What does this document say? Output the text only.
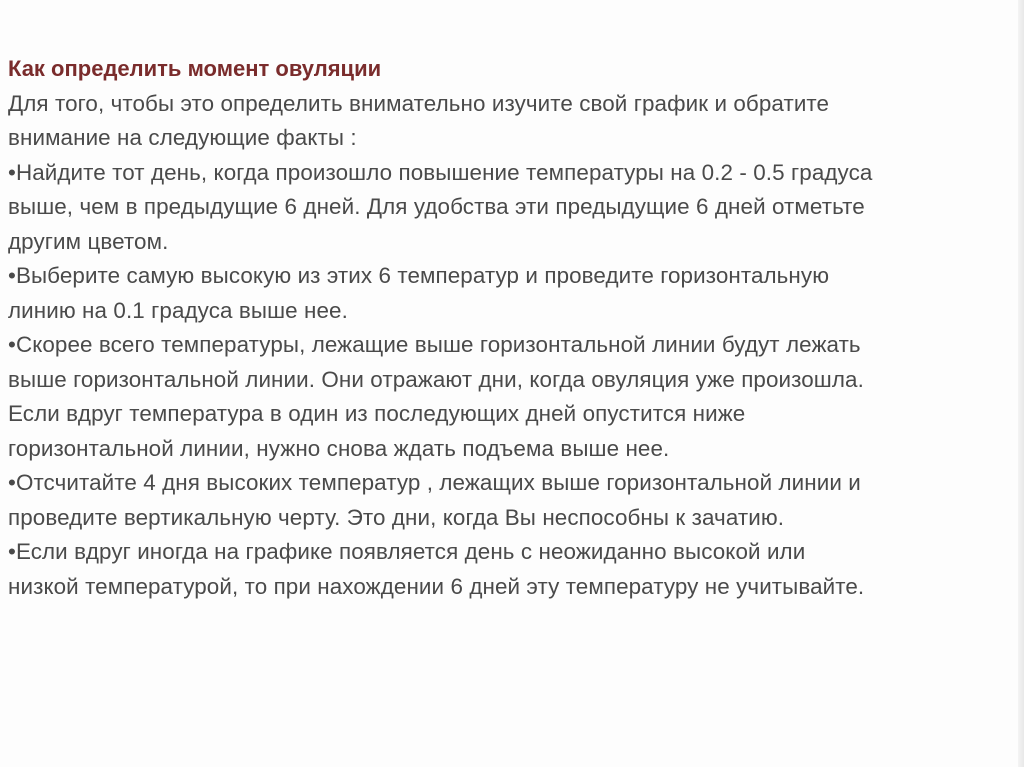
Как определить момент овуляции

Для того, чтобы это определить внимательно изучите свой график и обратите
внимание на следующие факты :
•Найдите тот день, когда произошло повышение температуры на 0.2 - 0.5 градуса
выше, чем в предыдущие 6 дней. Для удобства эти предыдущие 6 дней отметьте
другим цветом.
•Выберите самую высокую из этих 6 температур и проведите горизонтальную
линию на 0.1 градуса выше нее.
•Скорее всего температуры, лежащие выше горизонтальной линии будут лежать
выше горизонтальной линии. Они отражают дни, когда овуляция уже произошла.
Если вдруг температура в один из последующих дней опустится ниже
горизонтальной линии, нужно снова ждать подъема выше нее.
•Отсчитайте 4 дня высоких температур , лежащих выше горизонтальной линии и
проведите вертикальную черту. Это дни, когда Вы неспособны к зачатию.
•Если вдруг иногда на графике появляется день с неожиданно высокой или
низкой температурой, то при нахождении 6 дней эту температуру не учитывайте.
